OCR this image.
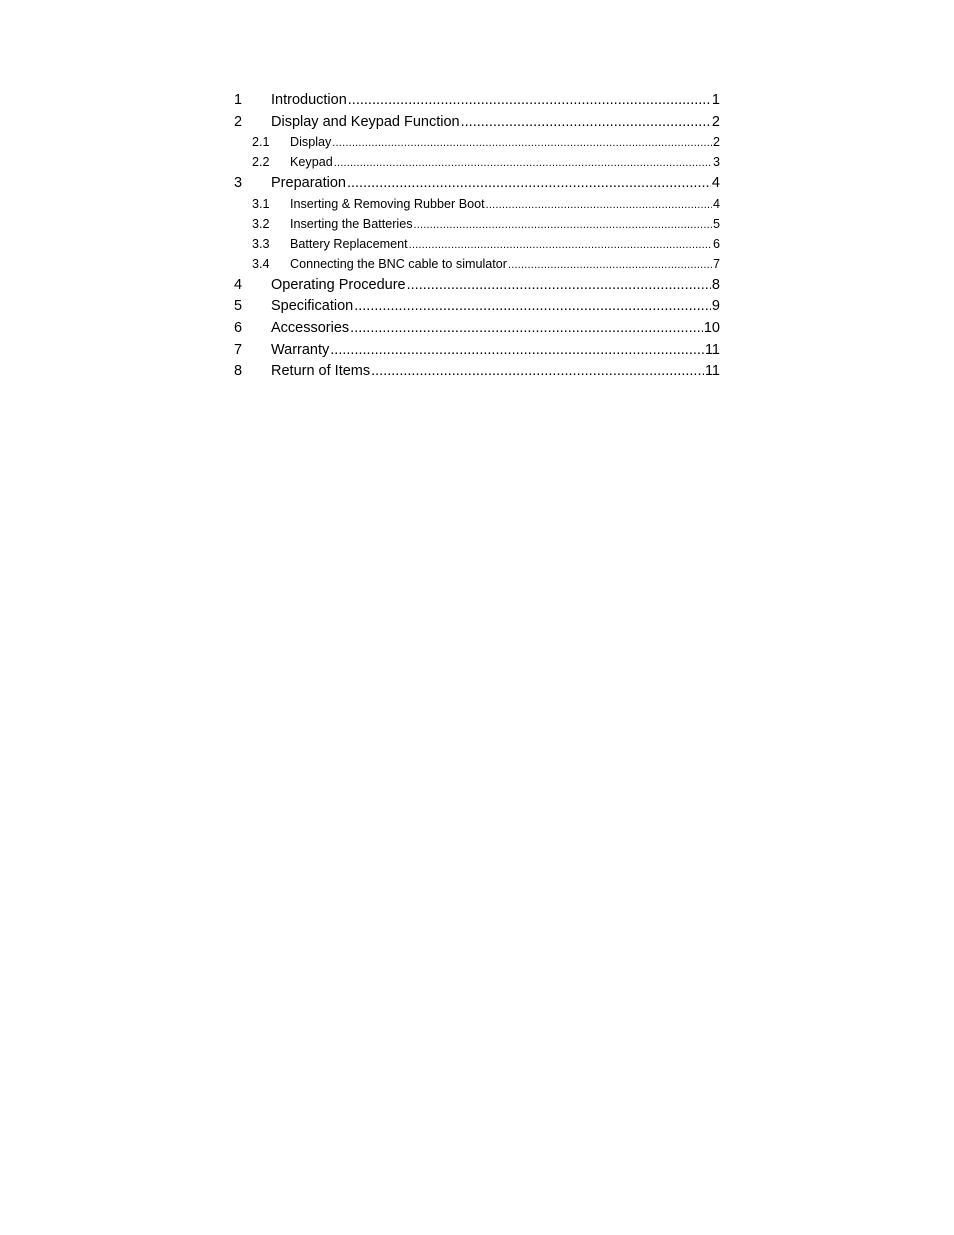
1	Introduction .....	1
2	Display and Keypad Function .....	2
2.1	Display .....	2
2.2	Keypad .....	3
3	Preparation .....	4
3.1	Inserting & Removing Rubber Boot .....	4
3.2	Inserting the Batteries .....	5
3.3	Battery Replacement .....	6
3.4	Connecting the BNC cable to simulator .....	7
4	Operating Procedure .....	8
5	Specification .....	9
6	Accessories .....	10
7	Warranty .....	11
8	Return of Items .....	11
